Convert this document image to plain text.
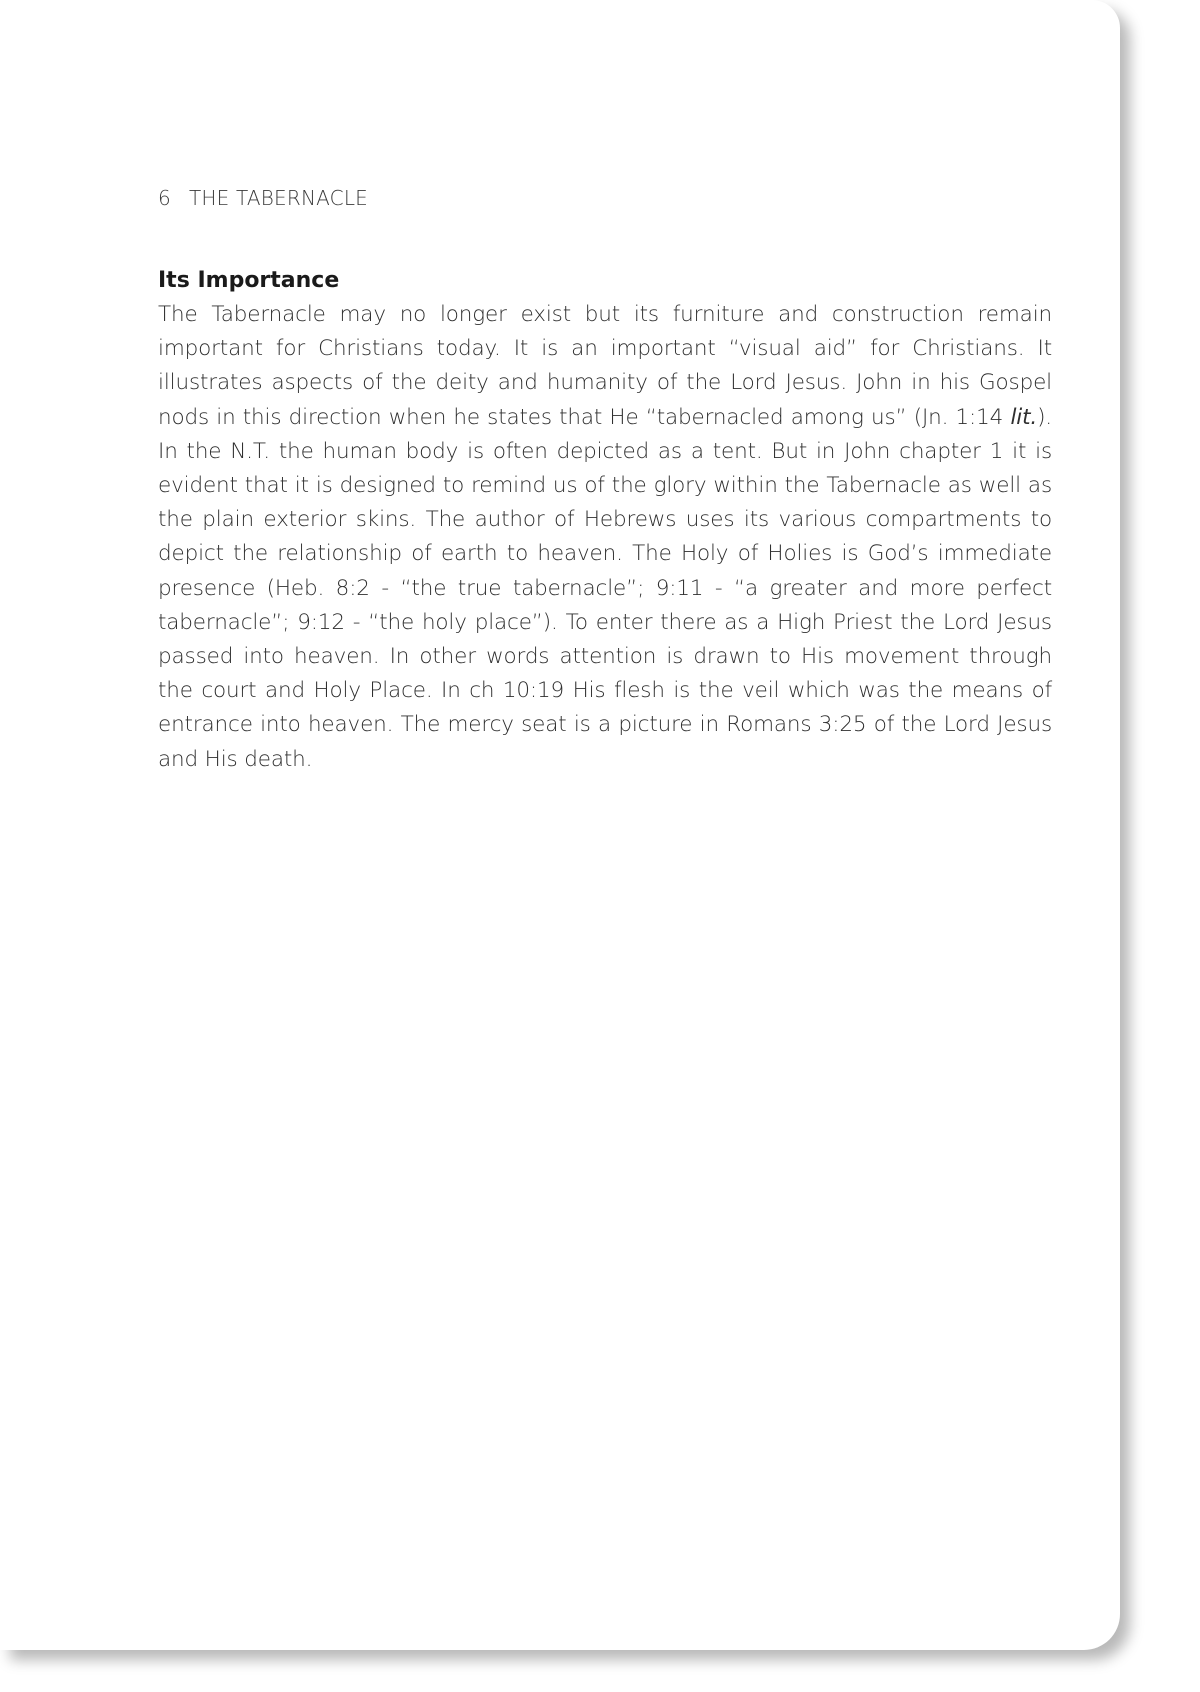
6 THE TABERNACLE
Its Importance

The Tabernacle may no longer exist but its furniture and construction remain important for Christians today. It is an important “visual aid” for Christians. It illustrates aspects of the deity and humanity of the Lord Jesus. John in his Gospel nods in this direction when he states that He “tabernacled among us” (Jn. 1:14 lit.). In the N.T. the human body is often depicted as a tent. But in John chapter 1 it is evident that it is designed to remind us of the glory within the Tabernacle as well as the plain exterior skins. The author of Hebrews uses its various compartments to depict the relationship of earth to heaven. The Holy of Holies is God’s immediate presence (Heb. 8:2 - “the true tabernacle”; 9:11 - “a greater and more perfect tabernacle”; 9:12 - “the holy place”). To enter there as a High Priest the Lord Jesus passed into heaven. In other words attention is drawn to His movement through the court and Holy Place. In ch 10:19 His flesh is the veil which was the means of entrance into heaven. The mercy seat is a picture in Romans 3:25 of the Lord Jesus and His death.
